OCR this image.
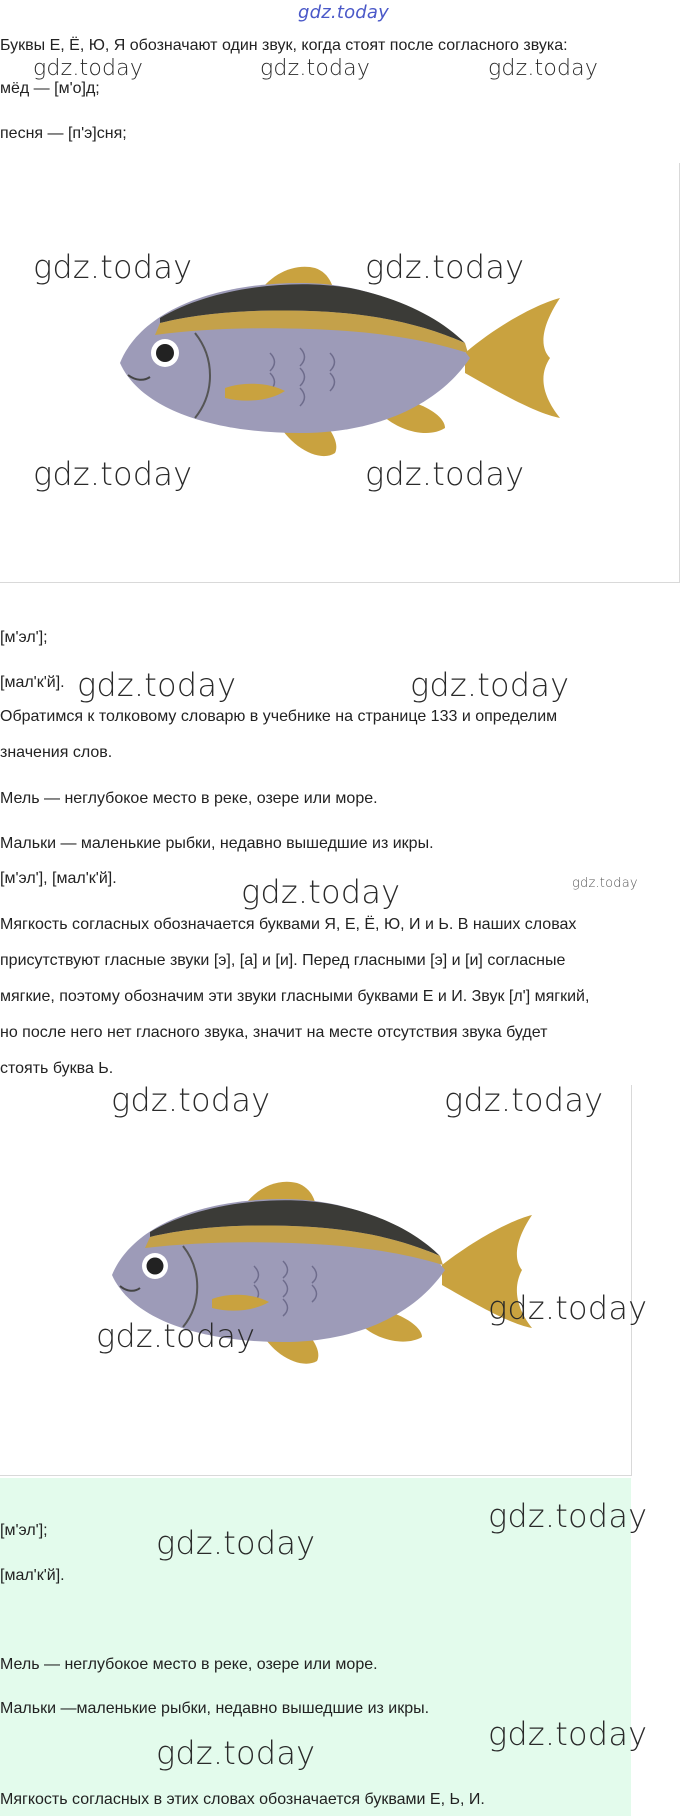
gdz.today
Буквы Е, Ё, Ю, Я обозначают один звук, когда стоят после согласного звука:
gdz.today	gdz.today	gdz.today
мёд — [м'о]д;
песня — [п'э]сня;
gdz.today	gdz.today
gdz.today	gdz.today
[м'эл'];
[мал'к'й]. gdz.today	gdz.today
Обратимся к толковому словарю в учебнике на странице 133 и определим
значения слов.
Мель — неглубокое место в реке, озере или море.
Мальки — маленькие рыбки, недавно вышедшие из икры.
[м'эл'], [мал'к'й].	gdz.today	gdz.today
Мягкость согласных обозначается буквами Я, Е, Ё, Ю, И и Ь. В наших словах
присутствуют гласные звуки [э], [а] и [и]. Перед гласными [э] и [и] согласные
мягкие, поэтому обозначим эти звуки гласными буквами Е и И. Звук [л'] мягкий,
но после него нет гласного звука, значит на месте отсутствия звука будет
стоять буква Ь.
gdz.today	gdz.today
gdz.today
gdz.today
[м'эл'];
[мал'к'й].
gdz.today
gdz.today
Мель — неглубокое место в реке, озере или море.
Мальки —маленькие рыбки, недавно вышедшие из икры.
gdz.today
gdz.today
Мягкость согласных в этих словах обозначается буквами Е, Ь, И.
